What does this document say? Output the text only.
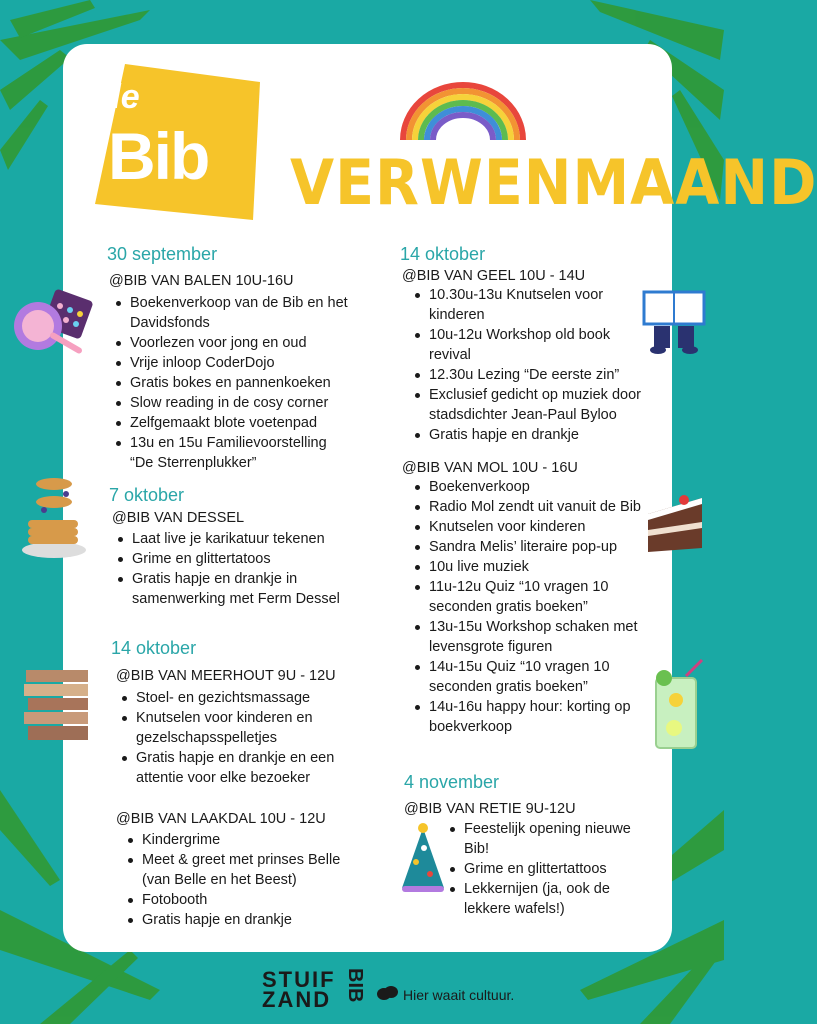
de
Bib VERWENMAAND
30 september
@BIB VAN BALEN 10U-16U
Boekenverkoop van de Bib en het Davidsfonds
Voorlezen voor jong en oud
Vrije inloop CoderDojo
Gratis bokes en pannenkoeken
Slow reading in de cosy corner
Zelfgemaakt blote voetenpad
13u en 15u Familievoorstelling “De Sterrenplukker”
7 oktober
@BIB VAN DESSEL
Laat live je karikatuur tekenen
Grime en glittertatoos
Gratis hapje en drankje in samenwerking met Ferm Dessel
14 oktober
@BIB VAN MEERHOUT 9U - 12U
Stoel- en gezichtsmassage
Knutselen voor kinderen en gezelschapsspelletjes
Gratis hapje en drankje en een attentie voor elke bezoeker
@BIB VAN LAAKDAL 10U - 12U
Kindergrime
Meet & greet met prinses Belle (van Belle en het Beest)
Fotobooth
Gratis hapje en drankje
14 oktober
@BIB VAN GEEL 10U - 14U
10.30u-13u Knutselen voor kinderen
10u-12u Workshop old book revival
12.30u Lezing “De eerste zin”
Exclusief gedicht op muziek door stadsdichter Jean-Paul Byloo
Gratis hapje en drankje
@BIB VAN MOL 10U - 16U
Boekenverkoop
Radio Mol zendt uit vanuit de Bib
Knutselen voor kinderen
Sandra Melis’ literaire pop-up
10u live muziek
11u-12u Quiz “10 vragen 10 seconden gratis boeken”
13u-15u Workshop schaken met levensgrote figuren
14u-15u Quiz “10 vragen 10 seconden gratis boeken”
14u-16u happy hour: korting op boekverkoop
4 november
@BIB VAN RETIE 9U-12U
Feestelijk opening nieuwe Bib!
Grime en glittertattoos
Lekkernijen (ja, ook de lekkere wafels!)
STUIF
ZAND BIB	Hier waait cultuur.
